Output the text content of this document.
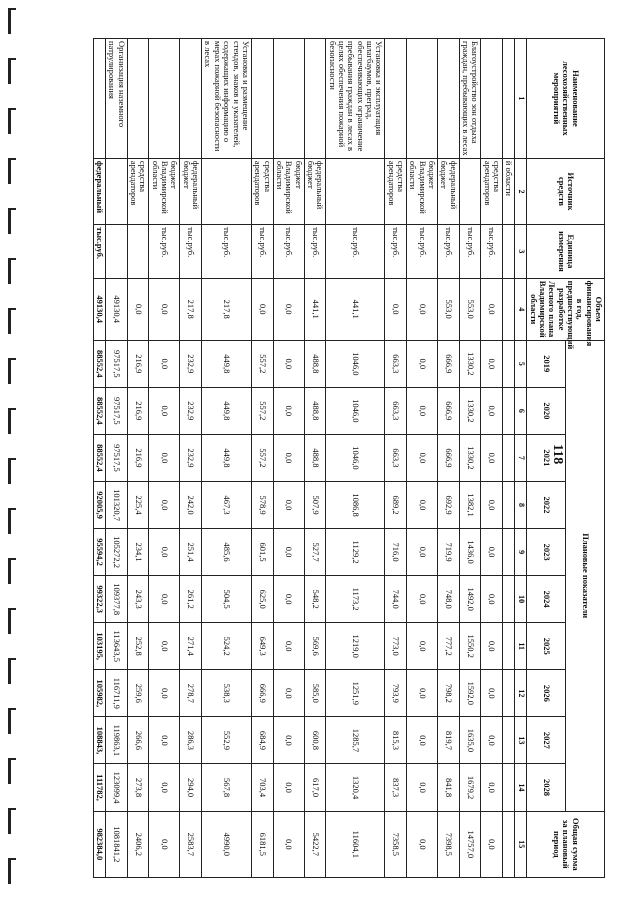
Наименование лесохозяйственных мероприятий	Источник средств	Единица измерения	Объем финансирования в год, предшествующий разработке Лесного плана Владимирской области	Плановые показатели										Общая сумма за плановый период
				2019	2020	2021	2022	2023	2024	2025	2026	2027	2028	
1	2	3	4	5	6	7	8	9	10	11	12	13	14	15
	й области													
	средства арендаторов	тыс.руб.	0,0	0,0	0,0	0,0	0,0	0,0	0,0	0,0	0,0	0,0	0,0	0,0
Благоустройство зон отдыха граждан, пребывающих в лесах		тыс.руб.	553,0	1330,2	1330,2	1330,2	1382,1	1436,0	1492,0	1550,2	1592,0	1635,0	1679,2	14757,0
	федеральный бюджет	тыс.руб.	553,0	666,9	666,9	666,9	692,9	719,9	748,0	777,2	798,2	819,7	841,8	7398,5
	бюджет Владимирской области	тыс.руб.	0,0	0,0	0,0	0,0	0,0	0,0	0,0	0,0	0,0	0,0	0,0	0,0
	средства арендаторов	тыс.руб.	0,0	663,3	663,3	663,3	689,2	716,0	744,0	773,0	793,9	815,3	837,3	7358,5
Установка и эксплуатация шлагбаумов, преград, обеспечивающих ограничение пребывания граждан в лесах в целях обеспечения пожарной безопасности		тыс.руб.	441,1	1046,0	1046,0	1046,0	1086,8	1129,2	1173,2	1219,0	1251,9	1285,7	1320,4	11604,1
	федеральный бюджет	тыс.руб.	441,1	488,8	488,8	488,8	507,9	527,7	548,2	569,6	585,0	600,8	617,0	5422,7
	бюджет Владимирской области	тыс.руб.	0,0	0,0	0,0	0,0	0,0	0,0	0,0	0,0	0,0	0,0	0,0	0,0
	средства арендаторов	тыс.руб.	0,0	557,2	557,2	557,2	578,9	601,5	625,0	649,3	666,9	684,9	703,4	6181,5
Установка и размещение стендов, знаков и указателей, содержащих информацию о мерах пожарной безопасности в лесах		тыс.руб.	217,8	449,8	449,8	449,8	467,3	485,6	504,5	524,2	538,3	552,9	567,8	4990,0
	федеральный бюджет	тыс.руб.	217,8	232,9	232,9	232,9	242,0	251,4	261,2	271,4	278,7	286,3	294,0	2583,7
	бюджет Владимирской области	тыс.руб.	0,0	0,0	0,0	0,0	0,0	0,0	0,0	0,0	0,0	0,0	0,0	0,0
	средства арендаторов		0,0	216,9	216,9	216,9	225,4	234,1	243,3	252,8	259,6	266,6	273,8	2406,2
Организация наземного патрулирования			49130,4	97517,5	97517,5	97517,5	101320,7	105272,2	109377,8	113643,5	116711,9	119863,1	123099,4	1081841,2
	федеральный	тыс.руб.	49130,4	88552,4	88552,4	88552,4	92005,9	95594,2	99322,3	103195,	105982,	108843,	111782,	982384,0
118
